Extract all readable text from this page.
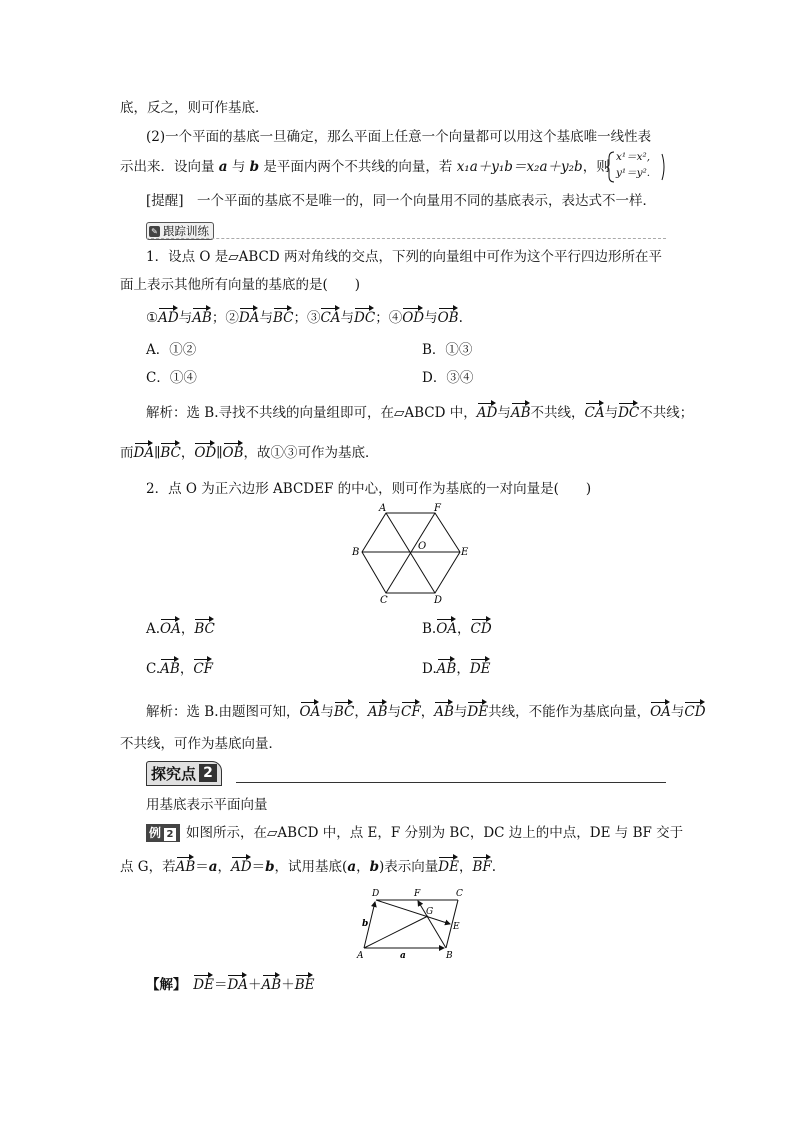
底，反之，则可作基底．
(2)一个平面的基底一旦确定，那么平面上任意一个向量都可以用这个基底唯一线性表
示出来．设向量 a 与 b 是平面内两个不共线的向量，若 x₁a＋y₁b＝x₂a＋y₂b，则
x¹＝x²,
y¹＝y².
[提醒]　 一个平面的基底不是唯一的，同一个向量用不同的基底表示，表达式不一样．
✎ 跟踪训练
1．设点 O 是▱ABCD 两对角线的交点，下列的向量组中可作为这个平行四边形所在平
面上表示其他所有向量的基底的是(　　)
①AD与AB；②DA与BC；③CA与DC；④OD与OB.
A．①②	B．①③
C．①④	D．③④
解析：选 B.寻找不共线的向量组即可，在▱ABCD 中，AD与AB不共线，CA与DC不共线；
而DA∥BC，OD∥OB，故①③可作为基底．
2．点 O 为正六边形 ABCDEF 的中心，则可作为基底的一对向量是(　　)
A	F
B	E
C	D
O
A.OA，BC	B.OA，CD
C.AB，CF	D.AB，DE
解析：选 B.由题图可知，OA与BC，AB与CF，AB与DE共线，不能作为基底向量，OA与CD
不共线，可作为基底向量．
探究点 2
用基底表示平面向量
例 2 如图所示，在▱ABCD 中，点 E，F 分别为 BC，DC 边上的中点，DE 与 BF 交于
点 G，若AB＝a，AD＝b，试用基底(a，b)表示向量DE，BF.
D	F	C
G
E
A	B
a
b
【解】　 DE＝DA＋AB＋BE
